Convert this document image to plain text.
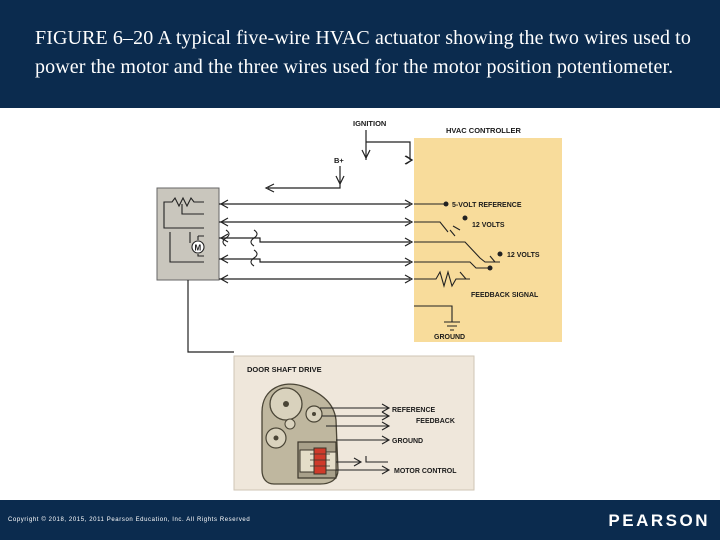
FIGURE 6–20 A typical five-wire HVAC actuator showing the two wires used to power the motor and the three wires used for the motor position potentiometer.

HVAC CONTROLLER
IGNITION
B+
M
5-VOLT REFERENCE
12 VOLTS
12 VOLTS
FEEDBACK SIGNAL
GROUND
DOOR SHAFT DRIVE
REFERENCE
FEEDBACK
GROUND
MOTOR CONTROL
Copyright © 2018, 2015, 2011 Pearson Education, Inc. All Rights Reserved	PEARSON
